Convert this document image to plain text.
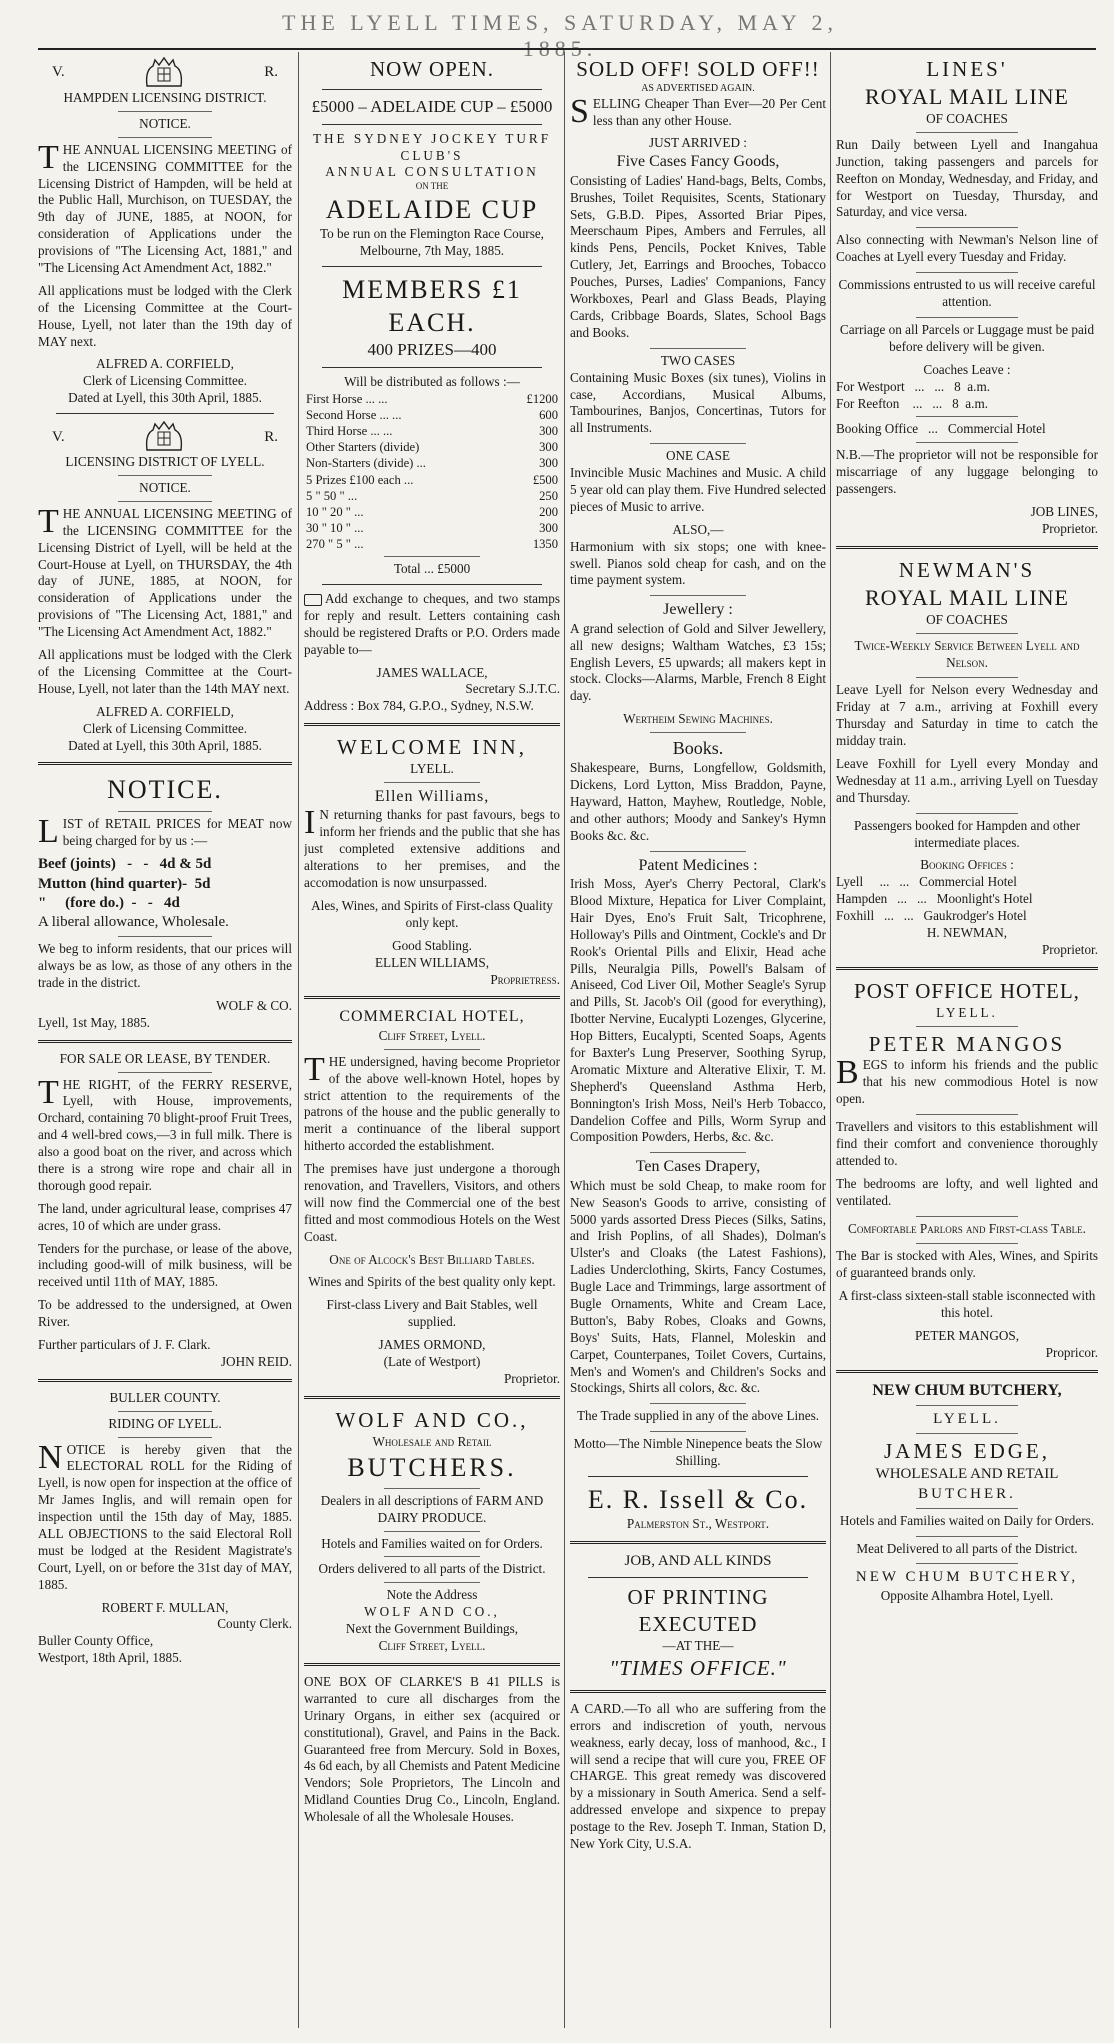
THE LYELL TIMES, SATURDAY, MAY 2, 1885.
V.	R.
HAMPDEN LICENSING DISTRICT.
NOTICE.

THE ANNUAL LICENSING MEETING of the LICENSING COMMITTEE for the Licensing District of Hampden, will be held at the Public Hall, Murchison, on TUESDAY, the 9th day of JUNE, 1885, at NOON, for consideration of Applications under the provisions of "The Licensing Act, 1881," and "The Licensing Act Amendment Act, 1882."

All applications must be lodged with the Clerk of the Licensing Committee at the Court-House, Lyell, not later than the 19th day of MAY next.

ALFRED A. CORFIELD,
Clerk of Licensing Committee.
Dated at Lyell, this 30th April, 1885.
V.	R.
LICENSING DISTRICT OF LYELL.
NOTICE.

THE ANNUAL LICENSING MEETING of the LICENSING COMMITTEE for the Licensing District of Lyell, will be held at the Court-House at Lyell, on THURSDAY, the 4th day of JUNE, 1885, at NOON, for consideration of Applications under the provisions of "The Licensing Act, 1881," and "The Licensing Act Amendment Act, 1882."

All applications must be lodged with the Clerk of the Licensing Committee at the Court-House, Lyell, not later than the 14th MAY next.

ALFRED A. CORFIELD,
Clerk of Licensing Committee.
Dated at Lyell, this 30th April, 1885.
NOTICE.

LIST of RETAIL PRICES for MEAT now being charged for by us :—

Beef (joints)   -   -   4d & 5d
Mutton (hind quarter)-  5d
"     (fore do.)  -   -   4d
A liberal allowance, Wholesale.

We beg to inform residents, that our prices will always be as low, as those of any others in the trade in the district.

WOLF & CO.
Lyell, 1st May, 1885.
FOR SALE OR LEASE, BY TENDER.

THE RIGHT, of the FERRY RESERVE, Lyell, with House, improvements, Orchard, containing 70 blight-proof Fruit Trees, and 4 well-bred cows,—3 in full milk. There is also a good boat on the river, and across which there is a strong wire rope and chair all in thorough good repair.

The land, under agricultural lease, comprises 47 acres, 10 of which are under grass.

Tenders for the purchase, or lease of the above, including good-will of milk business, will be received until 11th of MAY, 1885.

To be addressed to the undersigned, at Owen River.

Further particulars of J. F. Clark.
JOHN REID.
BULLER COUNTY.
RIDING OF LYELL.

NOTICE is hereby given that the ELECTORAL ROLL for the Riding of Lyell, is now open for inspection at the office of Mr James Inglis, and will remain open for inspection until the 15th day of May, 1885. ALL OBJECTIONS to the said Electoral Roll must be lodged at the Resident Magistrate's Court, Lyell, on or before the 31st day of MAY, 1885.

ROBERT F. MULLAN,
County Clerk.
Buller County Office,
Westport, 18th April, 1885.
NOW OPEN.
£5000 – ADELAIDE CUP – £5000
THE SYDNEY JOCKEY TURF CLUB'S
ANNUAL CONSULTATION
ON THE
ADELAIDE CUP
To be run on the Flemington Race Course, Melbourne, 7th May, 1885.
MEMBERS £1 EACH.
400 PRIZES—400
Will be distributed as follows :—
First Horse ... ...	£1200
Second Horse ... ...	600
Third Horse ... ...	300
Other Starters (divide)	300
Non-Starters (divide) ...	300
5 Prizes £100 each ...	£500
5 " 50 " ...	250
10 " 20 " ...	200
30 " 10 " ...	300
270 " 5 " ...	1350
Total ... £5000

Add exchange to cheques, and two stamps for reply and result. Letters containing cash should be registered Drafts or P.O. Orders made payable to—

JAMES WALLACE,
Secretary S.J.T.C.
Address : Box 784, G.P.O., Sydney, N.S.W.
WELCOME INN,
LYELL.
Ellen Williams,

IN returning thanks for past favours, begs to inform her friends and the public that she has just completed extensive additions and alterations to her premises, and the accomodation is now unsurpassed.

Ales, Wines, and Spirits of First-class Quality only kept.

Good Stabling.
ELLEN WILLIAMS,
Proprietress.
COMMERCIAL HOTEL,
Cliff Street, Lyell.

THE undersigned, having become Proprietor of the above well-known Hotel, hopes by strict attention to the requirements of the patrons of the house and the public generally to merit a continuance of the liberal support hitherto accorded the establishment.

The premises have just undergone a thorough renovation, and Travellers, Visitors, and others will now find the Commercial one of the best fitted and most commodious Hotels on the West Coast.

One of Alcock's Best Billiard Tables.

Wines and Spirits of the best quality only kept.

First-class Livery and Bait Stables, well supplied.

JAMES ORMOND,
(Late of Westport)
Proprietor.
WOLF AND CO.,
Wholesale and Retail
BUTCHERS.
Dealers in all descriptions of FARM AND DAIRY PRODUCE.
Hotels and Families waited on for Orders.
Orders delivered to all parts of the District.
Note the Address
WOLF AND CO.,
Next the Government Buildings,
Cliff Street, Lyell.

ONE BOX OF CLARKE'S B 41 PILLS is warranted to cure all discharges from the Urinary Organs, in either sex (acquired or constitutional), Gravel, and Pains in the Back. Guaranteed free from Mercury. Sold in Boxes, 4s 6d each, by all Chemists and Patent Medicine Vendors; Sole Proprietors, The Lincoln and Midland Counties Drug Co., Lincoln, England. Wholesale of all the Wholesale Houses.

SOLD OFF! SOLD OFF!!
AS ADVERTISED AGAIN.

SELLING Cheaper Than Ever—20 Per Cent less than any other House.

JUST ARRIVED :
Five Cases Fancy Goods,

Consisting of Ladies' Hand-bags, Belts, Combs, Brushes, Toilet Requisites, Scents, Stationary Sets, G.B.D. Pipes, Assorted Briar Pipes, Meerschaum Pipes, Ambers and Ferrules, all kinds Pens, Pencils, Pocket Knives, Table Cutlery, Jet, Earrings and Brooches, Tobacco Pouches, Purses, Ladies' Companions, Fancy Workboxes, Pearl and Glass Beads, Playing Cards, Cribbage Boards, Slates, School Bags and Books.

TWO CASES

Containing Music Boxes (six tunes), Violins in case, Accordians, Musical Albums, Tambourines, Banjos, Concertinas, Tutors for all Instruments.

ONE CASE

Invincible Music Machines and Music. A child 5 year old can play them. Five Hundred selected pieces of Music to arrive.

ALSO,—

Harmonium with six stops; one with knee-swell. Pianos sold cheap for cash, and on the time payment system.

Jewellery :

A grand selection of Gold and Silver Jewellery, all new designs; Waltham Watches, £3 15s; English Levers, £5 upwards; all makers kept in stock. Clocks—Alarms, Marble, French 8 Eight day.

Wertheim Sewing Machines.
Books.

Shakespeare, Burns, Longfellow, Goldsmith, Dickens, Lord Lytton, Miss Braddon, Payne, Hayward, Hatton, Mayhew, Routledge, Noble, and other authors; Moody and Sankey's Hymn Books &c. &c.

Patent Medicines :

Irish Moss, Ayer's Cherry Pectoral, Clark's Blood Mixture, Hepatica for Liver Complaint, Hair Dyes, Eno's Fruit Salt, Tricophrene, Holloway's Pills and Ointment, Cockle's and Dr Rook's Oriental Pills and Elixir, Head ache Pills, Neuralgia Pills, Powell's Balsam of Aniseed, Cod Liver Oil, Mother Seagle's Syrup and Pills, St. Jacob's Oil (good for everything), Ibotter Nervine, Eucalypti Lozenges, Glycerine, Hop Bitters, Eucalypti, Scented Soaps, Agents for Baxter's Lung Preserver, Soothing Syrup, Aromatic Mixture and Alterative Elixir, T. M. Shepherd's Queensland Asthma Herb, Bonnington's Irish Moss, Neil's Herb Tobacco, Dandelion Coffee and Pills, Worm Syrup and Composition Powders, Herbs, &c. &c.

Ten Cases Drapery,

Which must be sold Cheap, to make room for New Season's Goods to arrive, consisting of 5000 yards assorted Dress Pieces (Silks, Satins, and Irish Poplins, of all Shades), Dolman's Ulster's and Cloaks (the Latest Fashions), Ladies Underclothing, Skirts, Fancy Costumes, Bugle Lace and Trimmings, large assortment of Bugle Ornaments, White and Cream Lace, Button's, Baby Robes, Cloaks and Gowns, Boys' Suits, Hats, Flannel, Moleskin and Carpet, Counterpanes, Toilet Covers, Curtains, Men's and Women's and Children's Socks and Stockings, Shirts all colors, &c. &c.

The Trade supplied in any of the above Lines.

Motto—The Nimble Ninepence beats the Slow Shilling.

E. R. Issell & Co.
Palmerston St., Westport.
JOB, AND ALL KINDS
OF PRINTING EXECUTED
—AT THE—
"TIMES OFFICE."

A CARD.—To all who are suffering from the errors and indiscretion of youth, nervous weakness, early decay, loss of manhood, &c., I will send a recipe that will cure you, FREE OF CHARGE. This great remedy was discovered by a missionary in South America. Send a self-addressed envelope and sixpence to prepay postage to the Rev. Joseph T. Inman, Station D, New York City, U.S.A.

LINES'
ROYAL MAIL LINE
OF COACHES

Run Daily between Lyell and Inangahua Junction, taking passengers and parcels for Reefton on Monday, Wednesday, and Friday, and for Westport on Tuesday, Thursday, and Saturday, and vice versa.

Also connecting with Newman's Nelson line of Coaches at Lyell every Tuesday and Friday.

Commissions entrusted to us will receive careful attention.

Carriage on all Parcels or Luggage must be paid before delivery will be given.

Coaches Leave :
For Westport   ...   ...   8  a.m.
For Reefton    ...   ...   8  a.m.
Booking Office   ...   Commercial Hotel

N.B.—The proprietor will not be responsible for miscarriage of any luggage belonging to passengers.

JOB LINES,
Proprietor.
NEWMAN'S
ROYAL MAIL LINE
OF COACHES

Twice-Weekly Service Between Lyell and Nelson.

Leave Lyell for Nelson every Wednesday and Friday at 7 a.m., arriving at Foxhill every Thursday and Saturday in time to catch the midday train.

Leave Foxhill for Lyell every Monday and Wednesday at 11 a.m., arriving Lyell on Tuesday and Thursday.

Passengers booked for Hampden and other intermediate places.

Booking Offices :
Lyell     ...   ...   Commercial Hotel
Hampden   ...   ...   Moonlight's Hotel
Foxhill   ...   ...   Gaukrodger's Hotel
H. NEWMAN,
Proprietor.
POST OFFICE HOTEL,
LYELL.
PETER MANGOS

BEGS to inform his friends and the public that his new commodious Hotel is now open.

Travellers and visitors to this establishment will find their comfort and convenience thoroughly attended to.

The bedrooms are lofty, and well lighted and ventilated.

Comfortable Parlors and First-class Table.

The Bar is stocked with Ales, Wines, and Spirits of guaranteed brands only.

A first-class sixteen-stall stable isconnected with this hotel.

PETER MANGOS,
Propricor.
NEW CHUM BUTCHERY,
LYELL.
JAMES EDGE,
WHOLESALE AND RETAIL
BUTCHER.

Hotels and Families waited on Daily for Orders.

Meat Delivered to all parts of the District.

NEW CHUM BUTCHERY,
Opposite Alhambra Hotel, Lyell.
